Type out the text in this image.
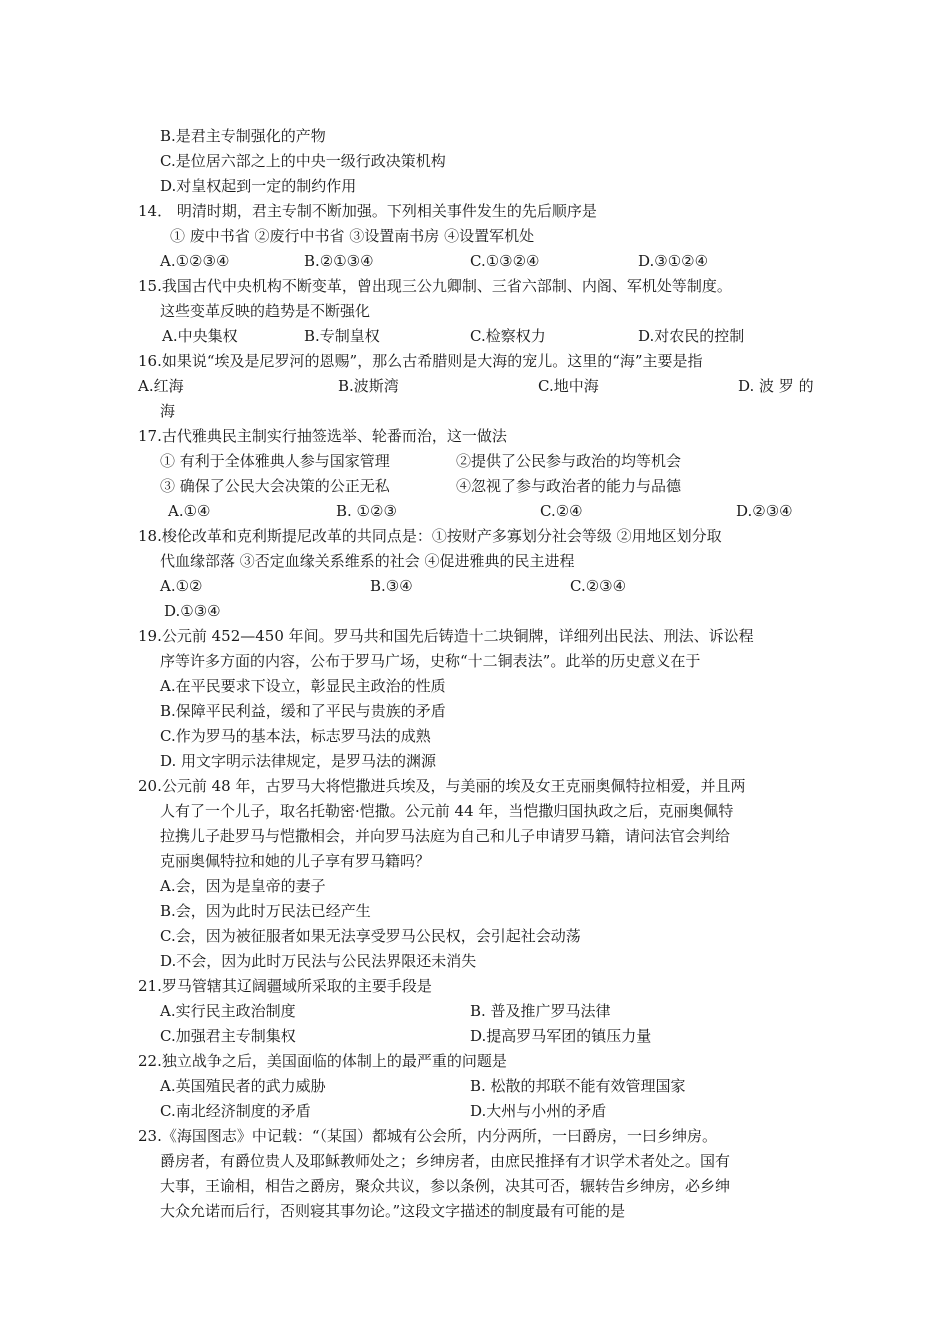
B.是君主专制强化的产物
C.是位居六部之上的中央一级行政决策机构
D.对皇权起到一定的制约作用
14． 明清时期，君主专制不断加强。下列相关事件发生的先后顺序是
① 废中书省 ②废行中书省 ③设置南书房 ④设置军机处
A.①②③④	B.②①③④	C.①③②④	D.③①②④
15.我国古代中央机构不断变革，曾出现三公九卿制、三省六部制、内阁、军机处等制度。
这些变革反映的趋势是不断强化
A.中央集权	B.专制皇权	C.检察权力	D.对农民的控制
16.如果说“埃及是尼罗河的恩赐”，那么古希腊则是大海的宠儿。这里的“海”主要是指
A.红海	B.波斯湾	C.地中海	D. 波 罗 的
海
17.古代雅典民主制实行抽签选举、轮番而治，这一做法
① 有利于全体雅典人参与国家管理	②提供了公民参与政治的均等机会
③ 确保了公民大会决策的公正无私	④忽视了参与政治者的能力与品德
A.①④	B. ①②③	C.②④	D.②③④
18.梭伦改革和克利斯提尼改革的共同点是：①按财产多寡划分社会等级 ②用地区划分取
代血缘部落 ③否定血缘关系维系的社会 ④促进雅典的民主进程
A.①②	B.③④	C.②③④
D.①③④
19.公元前 452—450 年间。罗马共和国先后铸造十二块铜牌，详细列出民法、刑法、诉讼程
序等许多方面的内容，公布于罗马广场，史称“十二铜表法”。此举的历史意义在于
A.在平民要求下设立，彰显民主政治的性质
B.保障平民利益，缓和了平民与贵族的矛盾
C.作为罗马的基本法，标志罗马法的成熟
D. 用文字明示法律规定，是罗马法的渊源
20.公元前 48 年，古罗马大将恺撒进兵埃及，与美丽的埃及女王克丽奥佩特拉相爱，并且两
人有了一个儿子，取名托勒密·恺撒。公元前 44 年，当恺撒归国执政之后，克丽奥佩特
拉携儿子赴罗马与恺撒相会，并向罗马法庭为自己和儿子申请罗马籍，请问法官会判给
克丽奥佩特拉和她的儿子享有罗马籍吗？
A.会，因为是皇帝的妻子
B.会，因为此时万民法已经产生
C.会，因为被征服者如果无法享受罗马公民权，会引起社会动荡
D.不会，因为此时万民法与公民法界限还未消失
21.罗马管辖其辽阔疆域所采取的主要手段是
A.实行民主政治制度	B. 普及推广罗马法律
C.加强君主专制集权	D.提高罗马军团的镇压力量
22.独立战争之后，美国面临的体制上的最严重的问题是
A.英国殖民者的武力威胁	B. 松散的邦联不能有效管理国家
C.南北经济制度的矛盾	D.大州与小州的矛盾
23.《海国图志》中记载：“（某国）都城有公会所，内分两所，一曰爵房，一曰乡绅房。
爵房者，有爵位贵人及耶稣教师处之；乡绅房者，由庶民推择有才识学术者处之。国有
大事，王谕相，相告之爵房，聚众共议，参以条例，决其可否，辗转告乡绅房，必乡绅
大众允诺而后行，否则寝其事勿论。”这段文字描述的制度最有可能的是
